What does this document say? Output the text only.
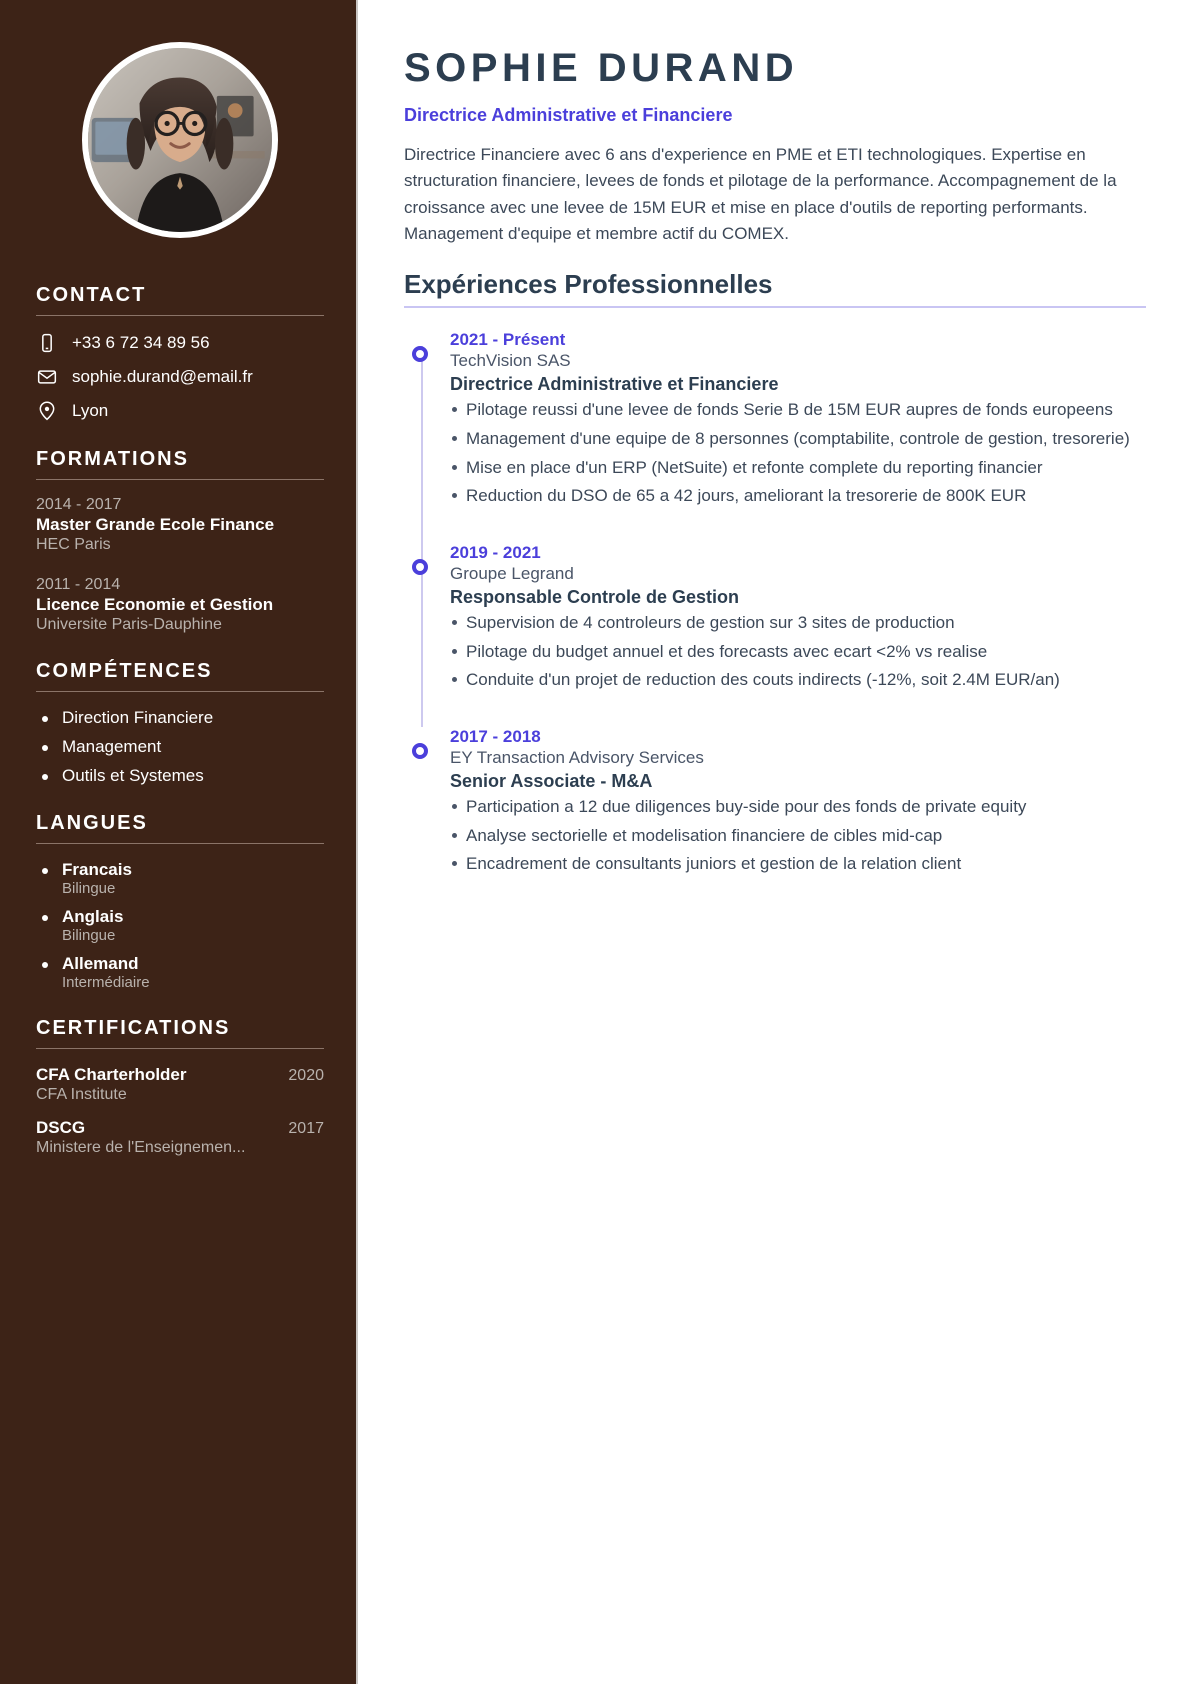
CONTACT
+33 6 72 34 89 56
sophie.durand@email.fr
Lyon
FORMATIONS
2014 - 2017
Master Grande Ecole Finance
HEC Paris
2011 - 2014
Licence Economie et Gestion
Universite Paris-Dauphine
COMPÉTENCES
Direction Financiere
Management
Outils et Systemes
LANGUES
Francais
Bilingue
Anglais
Bilingue
Allemand
Intermédiaire
CERTIFICATIONS
CFA Charterholder	2020
CFA Institute
DSCG	2017
Ministere de l'Enseignemen...
SOPHIE DURAND
Directrice Administrative et Financiere

Directrice Financiere avec 6 ans d'experience en PME et ETI technologiques. Expertise en structuration financiere, levees de fonds et pilotage de la performance. Accompagnement de la croissance avec une levee de 15M EUR et mise en place d'outils de reporting performants. Management d'equipe et membre actif du COMEX.

Expériences Professionnelles
2021 - Présent
TechVision SAS
Directrice Administrative et Financiere
Pilotage reussi d'une levee de fonds Serie B de 15M EUR aupres de fonds europeens
Management d'une equipe de 8 personnes (comptabilite, controle de gestion, tresorerie)
Mise en place d'un ERP (NetSuite) et refonte complete du reporting financier
Reduction du DSO de 65 a 42 jours, ameliorant la tresorerie de 800K EUR
2019 - 2021
Groupe Legrand
Responsable Controle de Gestion
Supervision de 4 controleurs de gestion sur 3 sites de production
Pilotage du budget annuel et des forecasts avec ecart <2% vs realise
Conduite d'un projet de reduction des couts indirects (-12%, soit 2.4M EUR/an)
2017 - 2018
EY Transaction Advisory Services
Senior Associate - M&A
Participation a 12 due diligences buy-side pour des fonds de private equity
Analyse sectorielle et modelisation financiere de cibles mid-cap
Encadrement de consultants juniors et gestion de la relation client
